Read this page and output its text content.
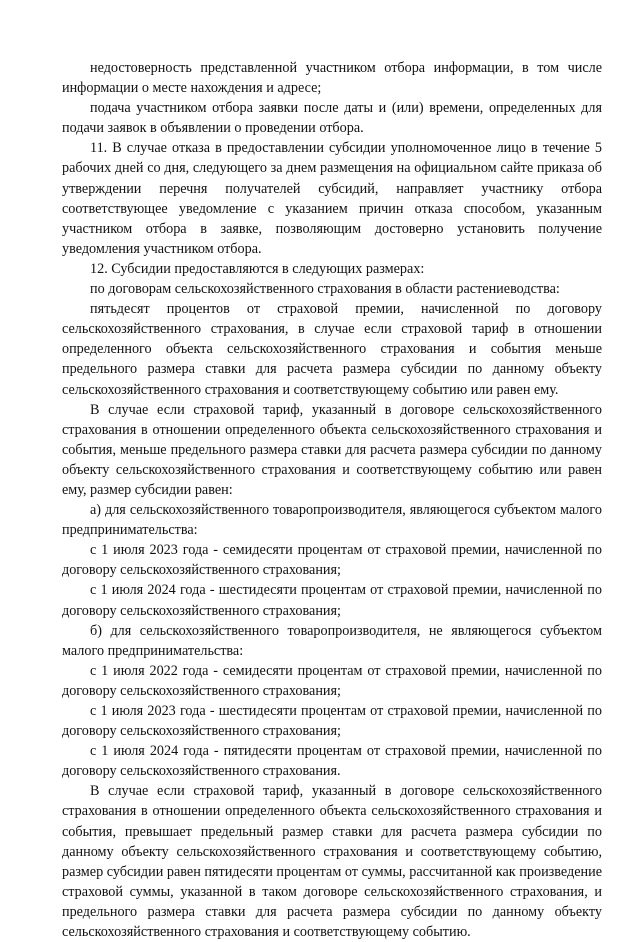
недостоверность представленной участником отбора информации, в том числе информации о месте нахождения и адресе;

подача участником отбора заявки после даты и (или) времени, определенных для подачи заявок в объявлении о проведении отбора.

11. В случае отказа в предоставлении субсидии уполномоченное лицо в течение 5 рабочих дней со дня, следующего за днем размещения на официальном сайте приказа об утверждении перечня получателей субсидий, направляет участнику отбора соответствующее уведомление с указанием причин отказа способом, указанным участником отбора в заявке, позволяющим достоверно установить получение уведомления участником отбора.

12. Субсидии предоставляются в следующих размерах:

по договорам сельскохозяйственного страхования в области растениеводства:

пятьдесят процентов от страховой премии, начисленной по договору сельскохозяйственного страхования, в случае если страховой тариф в отношении определенного объекта сельскохозяйственного страхования и события меньше предельного размера ставки для расчета размера субсидии по данному объекту сельскохозяйственного страхования и соответствующему событию или равен ему.

В случае если страховой тариф, указанный в договоре сельскохозяйственного страхования в отношении определенного объекта сельскохозяйственного страхования и события, меньше предельного размера ставки для расчета размера субсидии по данному объекту сельскохозяйственного страхования и соответствующему событию или равен ему, размер субсидии равен:

а) для сельскохозяйственного товаропроизводителя, являющегося субъектом малого предпринимательства:

с 1 июля 2023 года - семидесяти процентам от страховой премии, начисленной по договору сельскохозяйственного страхования;

с 1 июля 2024 года - шестидесяти процентам от страховой премии, начисленной по договору сельскохозяйственного страхования;

б) для сельскохозяйственного товаропроизводителя, не являющегося субъектом малого предпринимательства:

с 1 июля 2022 года - семидесяти процентам от страховой премии, начисленной по договору сельскохозяйственного страхования;

с 1 июля 2023 года - шестидесяти процентам от страховой премии, начисленной по договору сельскохозяйственного страхования;

с 1 июля 2024 года - пятидесяти процентам от страховой премии, начисленной по договору сельскохозяйственного страхования.

В случае если страховой тариф, указанный в договоре сельскохозяйственного страхования в отношении определенного объекта сельскохозяйственного страхования и события, превышает предельный размер ставки для расчета размера субсидии по данному объекту сельскохозяйственного страхования и соответствующему событию, размер субсидии равен пятидесяти процентам от суммы, рассчитанной как произведение страховой суммы, указанной в таком договоре сельскохозяйственного страхования, и предельного размера ставки для расчета размера субсидии по данному объекту сельскохозяйственного страхования и соответствующему событию.
